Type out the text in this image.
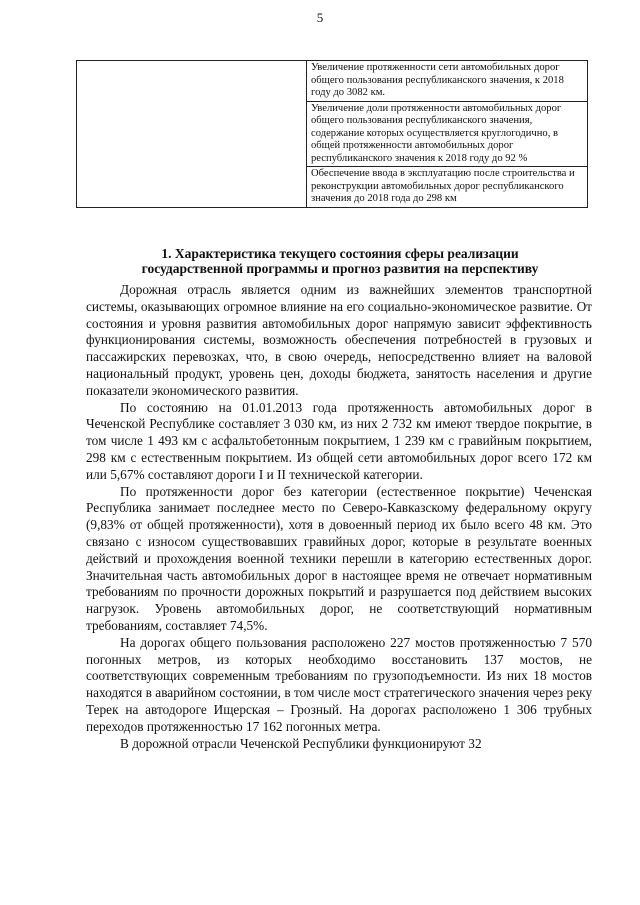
5
	Увеличение протяженности сети автомобильных дорог общего пользования республиканского значения, к 2018 году до 3082 км.
Увеличение доли протяженности автомобильных дорог общего пользования республиканского значения, содержание которых осуществляется круглогодично, в общей протяженности автомобильных дорог республиканского значения к 2018 году до 92 %
Обеспечение ввода в эксплуатацию после строительства и реконструкции автомобильных дорог республиканского значения до 2018 года до 298 км
1. Характеристика текущего состояния сферы реализации
государственной программы и прогноз развития на перспективу

Дорожная отрасль является одним из важнейших элементов транспортной системы, оказывающих огромное влияние на его социально-экономическое развитие. От состояния и уровня развития автомобильных дорог напрямую зависит эффективность функционирования системы, возможность обеспечения потребностей в грузовых и пассажирских перевозках, что, в свою очередь, непосредственно влияет на валовой национальный продукт, уровень цен, доходы бюджета, занятость населения и другие показатели экономического развития.

По состоянию на 01.01.2013 года протяженность автомобильных дорог в Чеченской Республике составляет 3 030 км, из них 2 732 км имеют твердое покрытие, в том числе 1 493 км с асфальтобетонным покрытием, 1 239 км с гравийным покрытием, 298 км с естественным покрытием. Из общей сети автомобильных дорог всего 172 км или 5,67% составляют дороги I и II технической категории.

По протяженности дорог без категории (естественное покрытие) Чеченская Республика занимает последнее место по Северо-Кавказскому федеральному округу (9,83% от общей протяженности), хотя в довоенный период их было всего 48 км. Это связано с износом существовавших гравийных дорог, которые в результате военных действий и прохождения военной техники перешли в категорию естественных дорог. Значительная часть автомобильных дорог в настоящее время не отвечает нормативным требованиям по прочности дорожных покрытий и разрушается под действием высоких нагрузок. Уровень автомобильных дорог, не соответствующий нормативным требованиям, составляет 74,5%.

На дорогах общего пользования расположено 227 мостов протяженностью 7 570 погонных метров, из которых необходимо восстановить 137 мостов, не соответствующих современным требованиям по грузоподъемности. Из них 18 мостов находятся в аварийном состоянии, в том числе мост стратегического значения через реку Терек на автодороге Ищерская – Грозный. На дорогах расположено 1 306 трубных переходов протяженностью 17 162 погонных метра.

В дорожной отрасли Чеченской Республики функционируют 32
